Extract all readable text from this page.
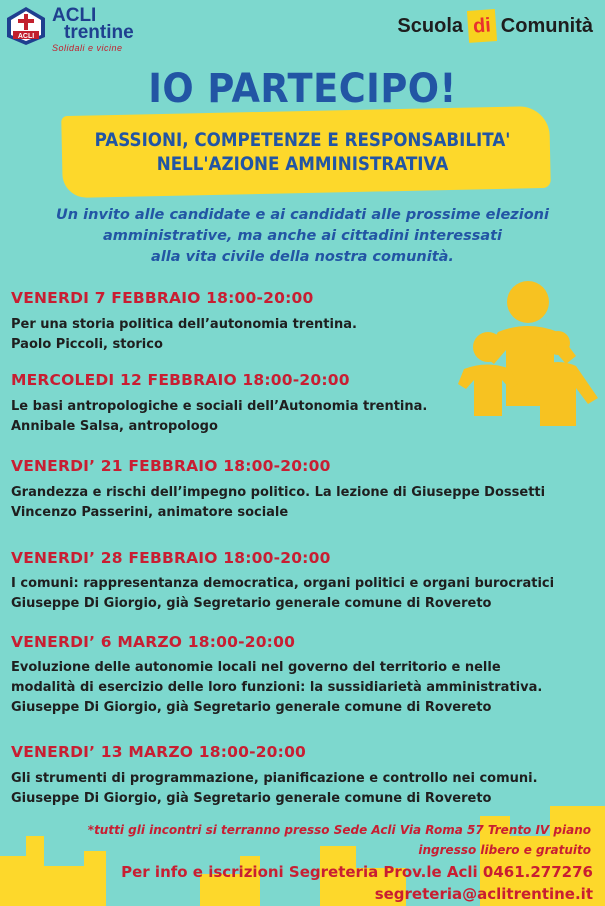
ACLI
ACLI
trentine
Solidali e vicine
Scuola di Comunità
IO PARTECIPO!
PASSIONI, COMPETENZE E RESPONSABILITA'
NELL'AZIONE AMMINISTRATIVA
Un invito alle candidate e ai candidati alle prossime elezioni
amministrative, ma anche ai cittadini interessati
alla vita civile della nostra comunità.
VENERDI 7 FEBBRAIO 18:00-20:00
Per una storia politica dell’autonomia trentina.
Paolo Piccoli, storico
MERCOLEDI 12 FEBBRAIO 18:00-20:00
Le basi antropologiche e sociali dell’Autonomia trentina.
Annibale Salsa, antropologo
VENERDI’ 21 FEBBRAIO 18:00-20:00
Grandezza e rischi dell’impegno politico. La lezione di Giuseppe Dossetti
Vincenzo Passerini, animatore sociale
VENERDI’ 28 FEBBRAIO 18:00-20:00
I comuni: rappresentanza democratica, organi politici e organi burocratici
Giuseppe Di Giorgio, già Segretario generale comune di Rovereto
VENERDI’ 6 MARZO 18:00-20:00
Evoluzione delle autonomie locali nel governo del territorio e nelle
modalità di esercizio delle loro funzioni: la sussidiarietà amministrativa.
Giuseppe Di Giorgio, già Segretario generale comune di Rovereto
VENERDI’ 13 MARZO 18:00-20:00
Gli strumenti di programmazione, pianificazione e controllo nei comuni.
Giuseppe Di Giorgio, già Segretario generale comune di Rovereto
*tutti gli incontri si terranno presso Sede Acli Via Roma 57 Trento IV piano
ingresso libero e gratuito
Per info e iscrizioni Segreteria Prov.le Acli 0461.277276
segreteria@aclitrentine.it
